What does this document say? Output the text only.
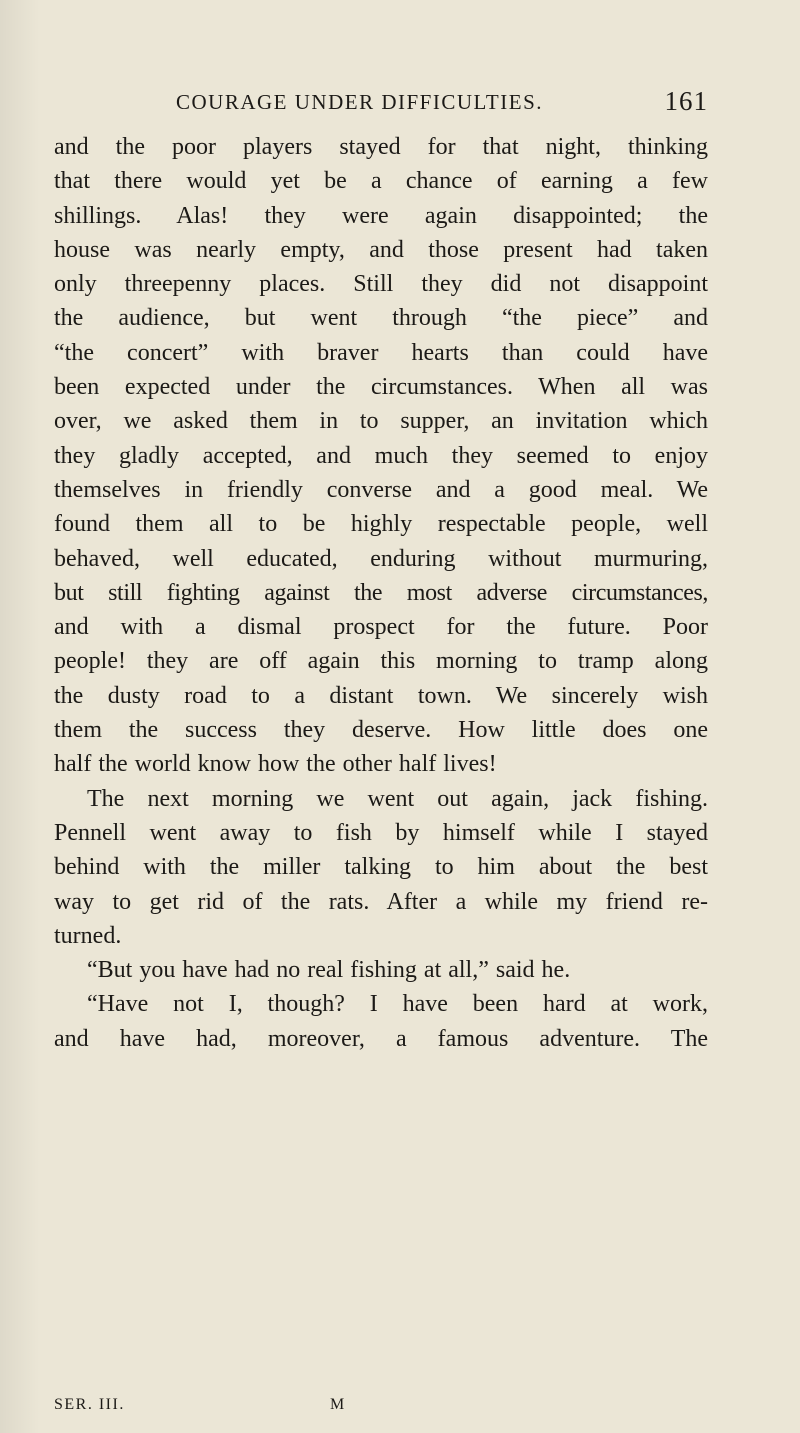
COURAGE UNDER DIFFICULTIES.	161
and the poor players stayed for that night, thinking
that there would yet be a chance of earning a few
shillings. Alas! they were again disappointed; the
house was nearly empty, and those present had taken
only threepenny places. Still they did not disappoint
the audience, but went through “the piece” and
“the concert” with braver hearts than could have
been expected under the circumstances. When all was
over, we asked them in to supper, an invitation which
they gladly accepted, and much they seemed to enjoy
themselves in friendly converse and a good meal. We
found them all to be highly respectable people, well
behaved, well educated, enduring without murmuring,
but still fighting against the most adverse circumstances,
and with a dismal prospect for the future. Poor
people! they are off again this morning to tramp along
the dusty road to a distant town. We sincerely wish
them the success they deserve. How little does one
half the world know how the other half lives!
The next morning we went out again, jack fishing.
Pennell went away to fish by himself while I stayed
behind with the miller talking to him about the best
way to get rid of the rats. After a while my friend re-
turned.
“But you have had no real fishing at all,” said he.
“Have not I, though? I have been hard at work,
and have had, moreover, a famous adventure. The
SER. III.	M
